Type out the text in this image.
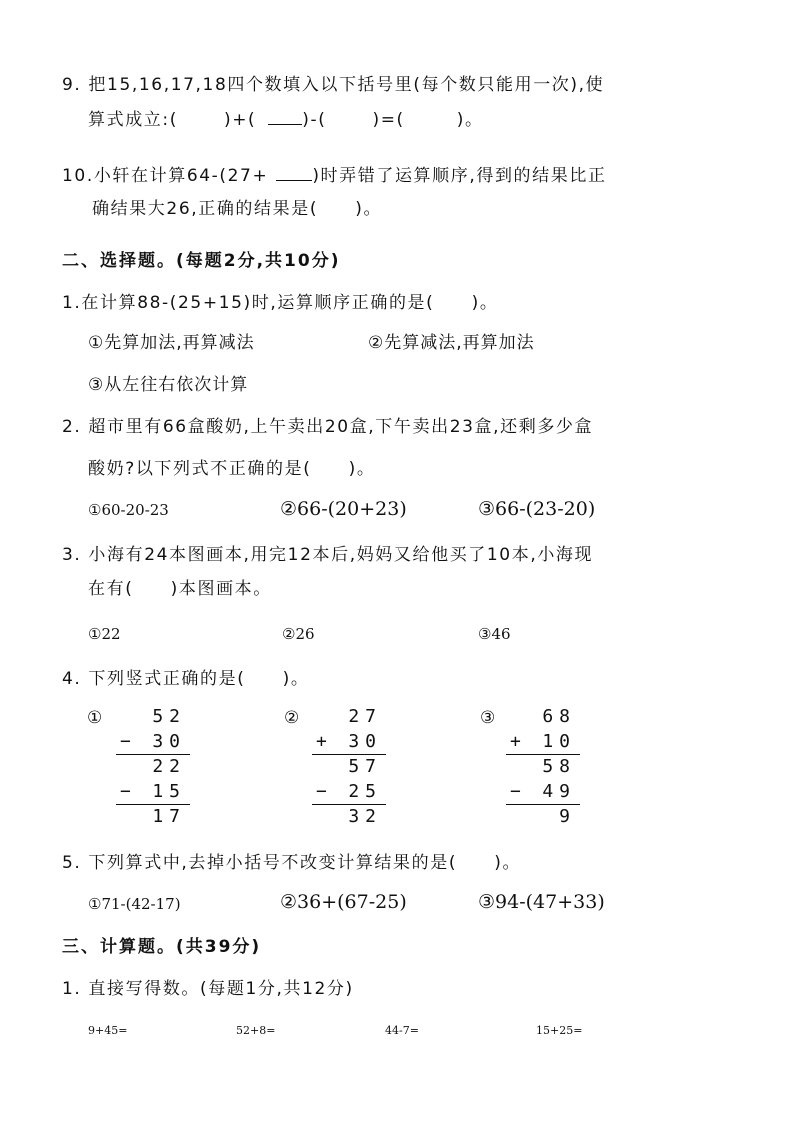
9. 把15,16,17,18四个数填入以下括号里(每个数只能用一次),使
算式成立:(	)+(	)-(	)=(	)。
10.小轩在计算64-(27+	)时弄错了运算顺序,得到的结果比正
确结果大26,正确的结果是(　　)。
二、选择题。(每题2分,共10分)
1.在计算88-(25+15)时,运算顺序正确的是(　　)。
①先算加法,再算减法	②先算减法,再算加法
③从左往右依次计算
2. 超市里有66盒酸奶,上午卖出20盒,下午卖出23盒,还剩多少盒
酸奶?以下列式不正确的是(　　)。
①60-20-23	②66-(20+23)	③66-(23-20)
3. 小海有24本图画本,用完12本后,妈妈又给他买了10本,小海现
在有(　　)本图画本。
①22	②26	③46
4. 下列竖式正确的是(　　)。
①	52
− 30
22
− 15
17
②	27
+ 30
57
− 25
32
③	68
+ 10
58
− 49
9
5. 下列算式中,去掉小括号不改变计算结果的是(　　)。
①71-(42-17)	②36+(67-25)	③94-(47+33)
三、计算题。(共39分)
1. 直接写得数。(每题1分,共12分)
9+45=	52+8=	44-7=	15+25=
